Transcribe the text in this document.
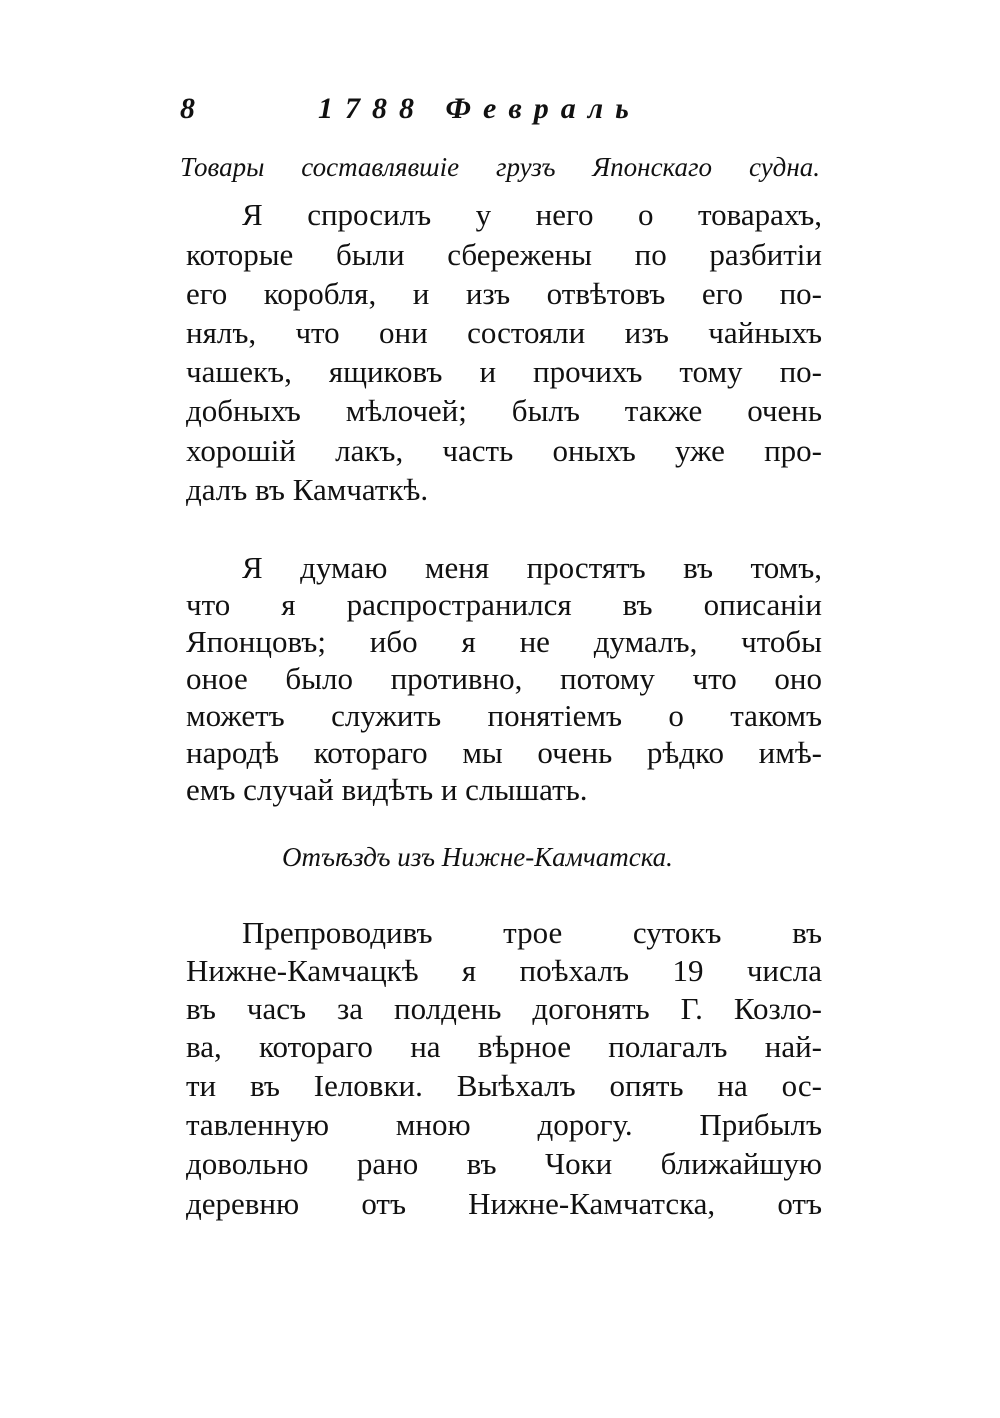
8	1788 Февраль
Товары составлявшіе грузъ Японскаго судна.
Я спросилъ у него о товарахъ,
которые были сбережены по разбитіи
его коробля, и изъ отвѣтовъ его по-
нялъ, что они состояли изъ чайныхъ
чашекъ, ящиковъ и прочихъ тому по-
добныхъ мѣлочей; былъ также очень
хорошій лакъ, часть оныхъ уже про-
далъ въ Камчаткѣ.
Я думаю меня простятъ въ томъ,
что я распространился въ описаніи
Японцовъ; ибо я не думалъ, чтобы
оное было противно, потому что оно
можетъ служить понятіемъ о такомъ
народѣ котораго мы очень рѣдко имѣ-
емъ случай видѣть и слышать.
Отъѣздъ изъ Нижне-Камчатска.
Препроводивъ трое сутокъ въ
Нижне-Камчацкѣ я поѣхалъ 19 числа
въ часъ за полдень догонять Г. Козло-
ва, котораго на вѣрное полагалъ най-
ти въ Іеловки. Выѣхалъ опять на ос-
тавленную мною дорогу. Прибылъ
довольно рано въ Чоки ближайшую
деревню отъ Нижне-Камчатска, отъ
